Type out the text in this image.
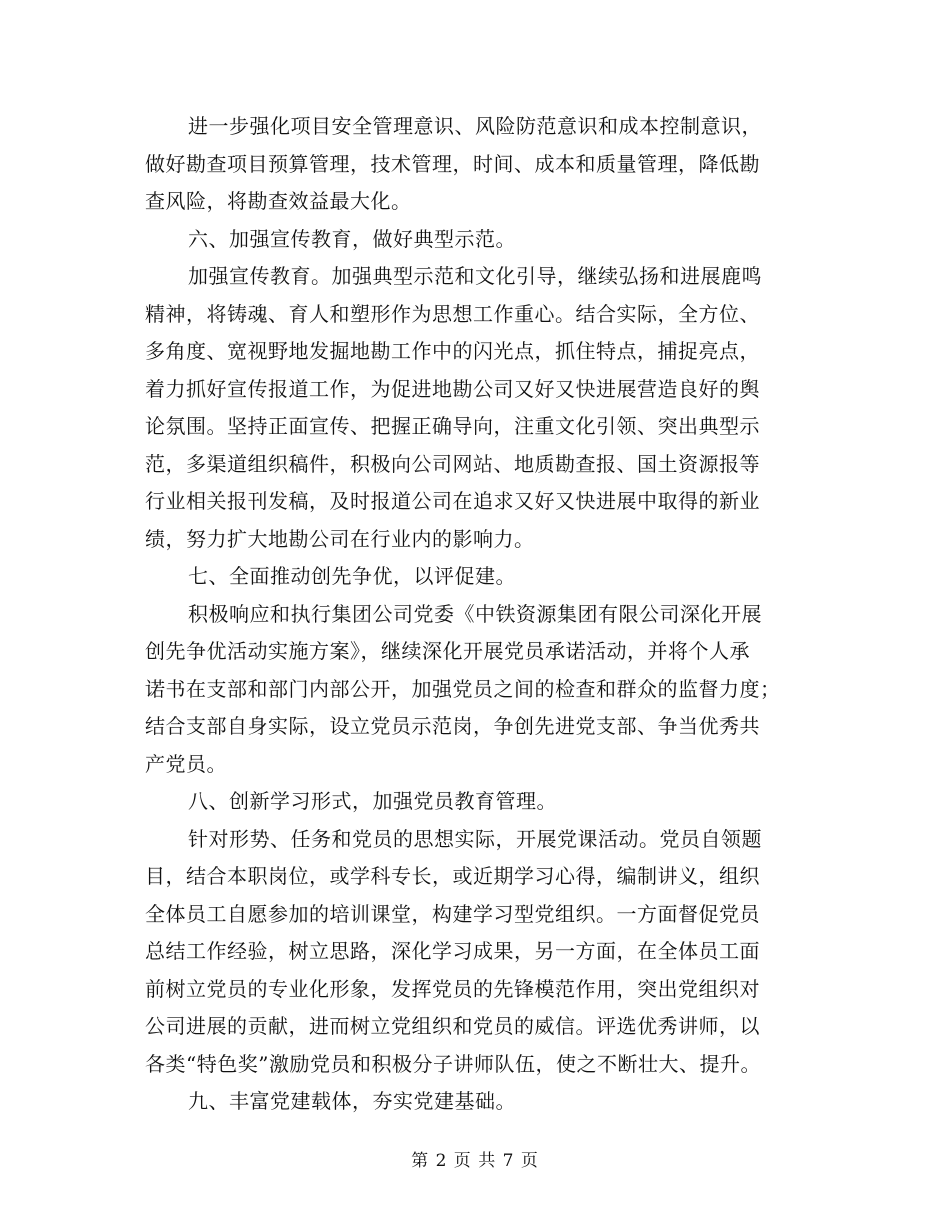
进一步强化项目安全管理意识、风险防范意识和成本控制意识，

做好勘查项目预算管理，技术管理，时间、成本和质量管理，降低勘

查风险，将勘查效益最大化。

六、加强宣传教育，做好典型示范。

加强宣传教育。加强典型示范和文化引导，继续弘扬和进展鹿鸣

精神，将铸魂、育人和塑形作为思想工作重心。结合实际，全方位、

多角度、宽视野地发掘地勘工作中的闪光点，抓住特点，捕捉亮点，

着力抓好宣传报道工作，为促进地勘公司又好又快进展营造良好的舆

论氛围。坚持正面宣传、把握正确导向，注重文化引领、突出典型示

范，多渠道组织稿件，积极向公司网站、地质勘查报、国土资源报等

行业相关报刊发稿，及时报道公司在追求又好又快进展中取得的新业

绩，努力扩大地勘公司在行业内的影响力。

七、全面推动创先争优，以评促建。

积极响应和执行集团公司党委《中铁资源集团有限公司深化开展

创先争优活动实施方案》，继续深化开展党员承诺活动，并将个人承

诺书在支部和部门内部公开，加强党员之间的检查和群众的监督力度；

结合支部自身实际，设立党员示范岗，争创先进党支部、争当优秀共

产党员。

八、创新学习形式，加强党员教育管理。

针对形势、任务和党员的思想实际，开展党课活动。党员自领题

目，结合本职岗位，或学科专长，或近期学习心得，编制讲义，组织

全体员工自愿参加的培训课堂，构建学习型党组织。一方面督促党员

总结工作经验，树立思路，深化学习成果，另一方面，在全体员工面

前树立党员的专业化形象，发挥党员的先锋模范作用，突出党组织对

公司进展的贡献，进而树立党组织和党员的威信。评选优秀讲师，以

各类“特色奖”激励党员和积极分子讲师队伍，使之不断壮大、提升。

九、丰富党建载体，夯实党建基础。

第 2 页 共 7 页
